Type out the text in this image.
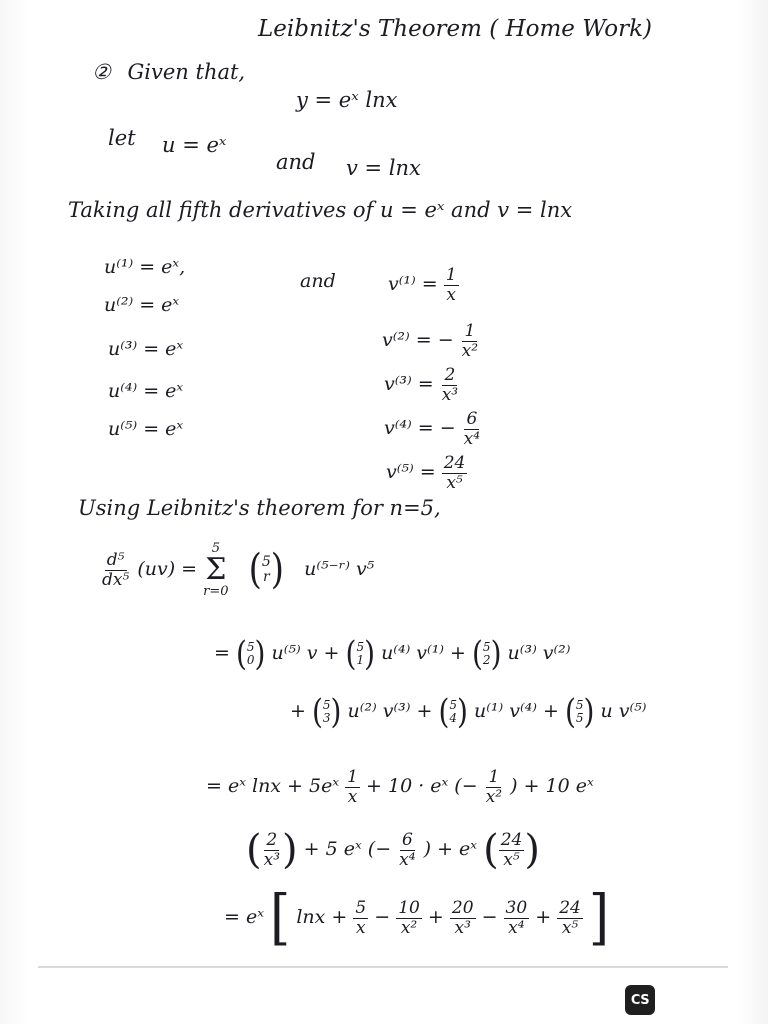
Leibnitz's Theorem ( Home Work)
② Given that,
y = eˣ lnx
let u = eˣ
and v = lnx
Taking all fifth derivatives of u = eˣ and v = lnx
u⁽¹⁾ = eˣ,
u⁽²⁾ = eˣ
u⁽³⁾ = eˣ
u⁽⁴⁾ = eˣ
u⁽⁵⁾ = eˣ
and	$v^{(1)} = \frac{1}{x}$
v⁽²⁾ = − $\frac{1}{\text{x²}}$
$v^{(3)} = \frac{2}{\text{x³}}$
v⁽⁴⁾ = − $\frac{6}{\text{x⁴}}$
$v^{(5)} = \frac{24}{\text{x⁵}}$
Using Leibnitz's theorem for n=5,
$\frac{\text{d⁵}}{\text{dx⁵}} (uv)$ =
5
Σ
r=0
( 5
r ) u⁽⁵⁻ʳ⁾ v⁵
= ( 5
0 ) u⁽⁵⁾ v + ( 5
1 ) u⁽⁴⁾ v⁽¹⁾ + ( 5
2 ) u⁽³⁾ v⁽²⁾
+ ( 5
3 ) u⁽²⁾ v⁽³⁾ + ( 5
4 ) u⁽¹⁾ v⁽⁴⁾ + ( 5
5 ) u v⁽⁵⁾
= eˣ lnx + 5eˣ $\frac{1}{x} + 10$ · eˣ (− $\frac{1}{\text{x²}}$ ) + 10 eˣ
( $\frac{2}{\text{x³}}$ ) + 5 eˣ (− $\frac{6}{\text{x⁴}}$ ) + eˣ ( $\frac{24}{\text{x⁵}}$ )
= eˣ [ $\ln x + \frac{5}{x} - \frac{10}{\text{x²}} + \frac{20}{\text{x³}} - \frac{30}{\text{x⁴}} + \frac{24}{\text{x⁵}}$ ]
CS
